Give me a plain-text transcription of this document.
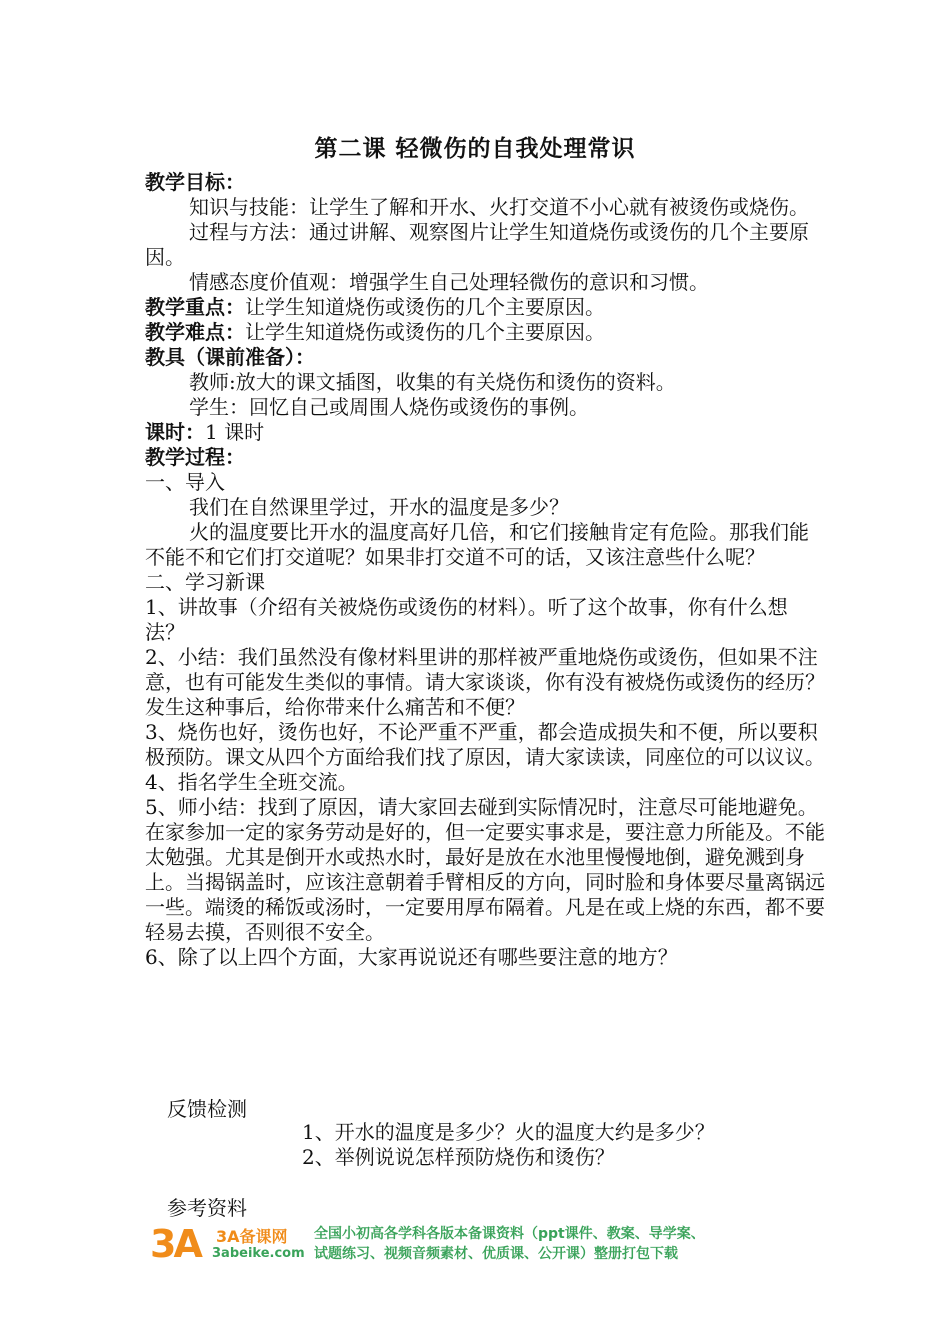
第二课 轻微伤的自我处理常识

教学目标：

知识与技能：让学生了解和开水、火打交道不小心就有被烫伤或烧伤。

过程与方法：通过讲解、观察图片让学生知道烧伤或烫伤的几个主要原因。

情感态度价值观：增强学生自己处理轻微伤的意识和习惯。

教学重点：让学生知道烧伤或烫伤的几个主要原因。

教学难点：让学生知道烧伤或烫伤的几个主要原因。

教具（课前准备）：

教师:放大的课文插图，收集的有关烧伤和烫伤的资料。

学生：回忆自己或周围人烧伤或烫伤的事例。

课时：1 课时

教学过程：

一、导入

我们在自然课里学过，开水的温度是多少？

火的温度要比开水的温度高好几倍，和它们接触肯定有危险。那我们能不能不和它们打交道呢？如果非打交道不可的话，又该注意些什么呢？

二、学习新课

1、讲故事（介绍有关被烧伤或烫伤的材料）。听了这个故事，你有什么想法？

2、小结：我们虽然没有像材料里讲的那样被严重地烧伤或烫伤，但如果不注意，也有可能发生类似的事情。请大家谈谈，你有没有被烧伤或烫伤的经历？

发生这种事后，给你带来什么痛苦和不便？

3、烧伤也好，烫伤也好，不论严重不严重，都会造成损失和不便，所以要积极预防。课文从四个方面给我们找了原因，请大家读读，同座位的可以议议。

4、指名学生全班交流。

5、师小结：找到了原因，请大家回去碰到实际情况时，注意尽可能地避免。在家参加一定的家务劳动是好的，但一定要实事求是，要注意力所能及。不能太勉强。尤其是倒开水或热水时，最好是放在水池里慢慢地倒，避免溅到身上。当揭锅盖时，应该注意朝着手臂相反的方向，同时脸和身体要尽量离锅远一些。端烫的稀饭或汤时，一定要用厚布隔着。凡是在或上烧的东西，都不要轻易去摸，否则很不安全。

6、除了以上四个方面，大家再说说还有哪些要注意的地方？

反馈检测

1、开水的温度是多少？火的温度大约是多少？

2、举例说说怎样预防烧伤和烫伤？

参考资料
3A	3A备课网
3abeike.com
全国小初高各学科各版本备课资料（ppt课件、教案、导学案、
试题练习、视频音频素材、优质课、公开课）整册打包下载
